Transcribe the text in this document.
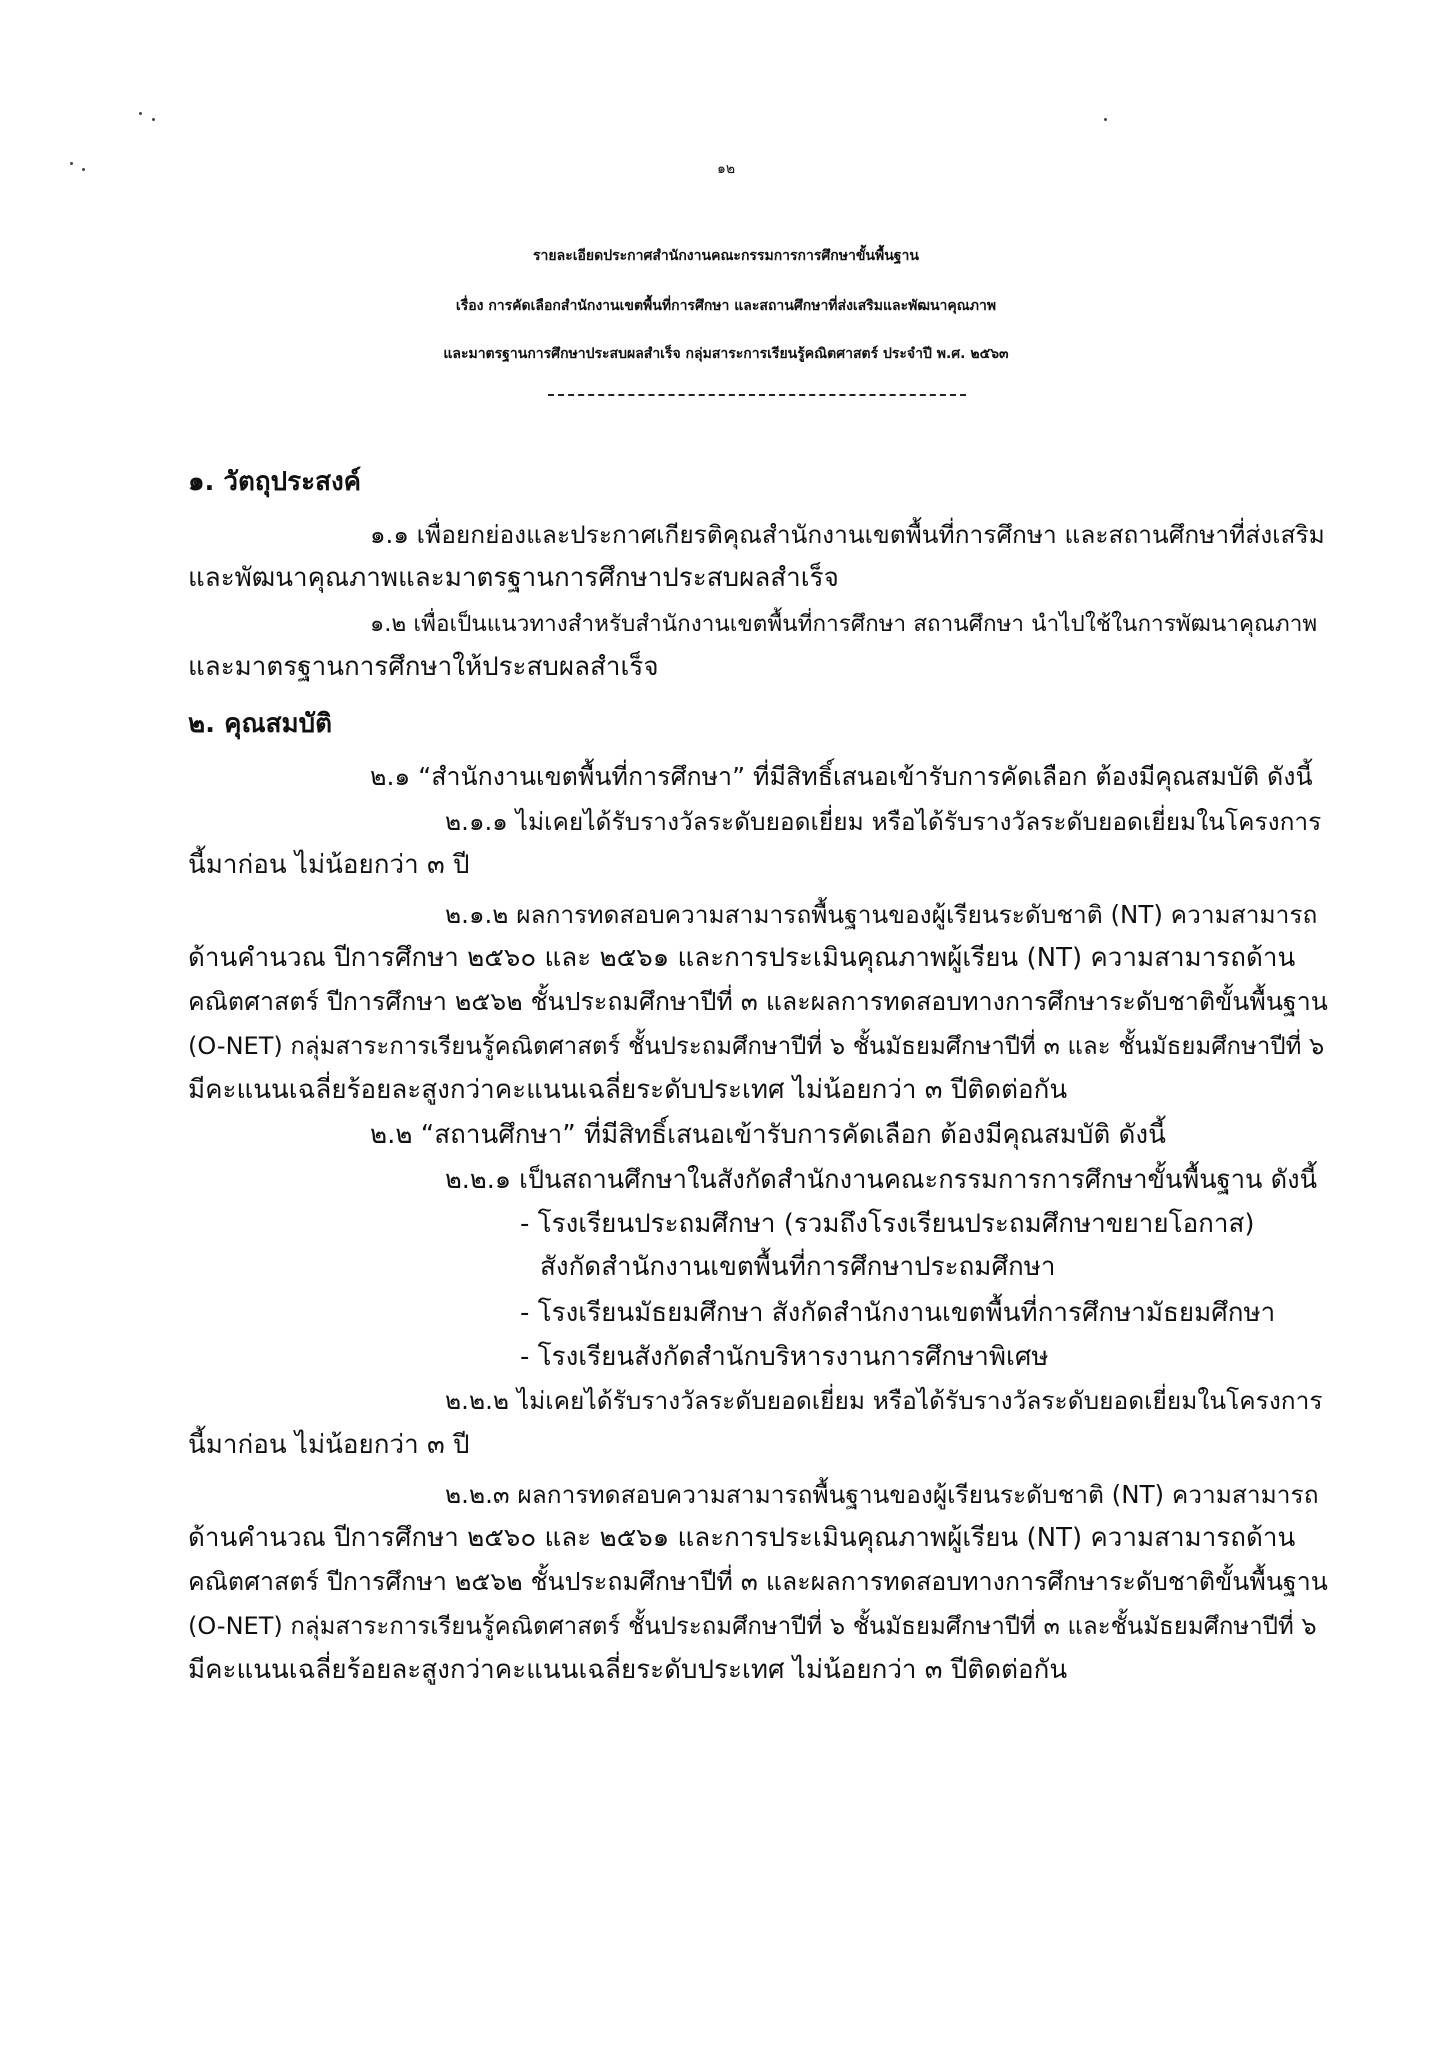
๑๒
รายละเอียดประกาศสำนักงานคณะกรรมการการศึกษาขั้นพื้นฐาน
เรื่อง การคัดเลือกสำนักงานเขตพื้นที่การศึกษา และสถานศึกษาที่ส่งเสริมและพัฒนาคุณภาพ
และมาตรฐานการศึกษาประสบผลสำเร็จ กลุ่มสาระการเรียนรู้คณิตศาสตร์ ประจำปี พ.ศ. ๒๕๖๓
๑. วัตถุประสงค์
๑.๑ เพื่อยกย่องและประกาศเกียรติคุณสำนักงานเขตพื้นที่การศึกษา และสถานศึกษาที่ส่งเสริม
และพัฒนาคุณภาพและมาตรฐานการศึกษาประสบผลสำเร็จ
๑.๒ เพื่อเป็นแนวทางสำหรับสำนักงานเขตพื้นที่การศึกษา สถานศึกษา นำไปใช้ในการพัฒนาคุณภาพ
และมาตรฐานการศึกษาให้ประสบผลสำเร็จ
๒. คุณสมบัติ
๒.๑ “สำนักงานเขตพื้นที่การศึกษา” ที่มีสิทธิ์เสนอเข้ารับการคัดเลือก ต้องมีคุณสมบัติ ดังนี้
๒.๑.๑ ไม่เคยได้รับรางวัลระดับยอดเยี่ยม หรือได้รับรางวัลระดับยอดเยี่ยมในโครงการ
นี้มาก่อน ไม่น้อยกว่า ๓ ปี
๒.๑.๒ ผลการทดสอบความสามารถพื้นฐานของผู้เรียนระดับชาติ (NT) ความสามารถ
ด้านคำนวณ ปีการศึกษา ๒๕๖๐ และ ๒๕๖๑ และการประเมินคุณภาพผู้เรียน (NT) ความสามารถด้าน
คณิตศาสตร์ ปีการศึกษา ๒๕๖๒ ชั้นประถมศึกษาปีที่ ๓ และผลการทดสอบทางการศึกษาระดับชาติขั้นพื้นฐาน
(O-NET) กลุ่มสาระการเรียนรู้คณิตศาสตร์ ชั้นประถมศึกษาปีที่ ๖ ชั้นมัธยมศึกษาปีที่ ๓ และ ชั้นมัธยมศึกษาปีที่ ๖
มีคะแนนเฉลี่ยร้อยละสูงกว่าคะแนนเฉลี่ยระดับประเทศ ไม่น้อยกว่า ๓ ปีติดต่อกัน
๒.๒ “สถานศึกษา” ที่มีสิทธิ์เสนอเข้ารับการคัดเลือก ต้องมีคุณสมบัติ ดังนี้
๒.๒.๑ เป็นสถานศึกษาในสังกัดสำนักงานคณะกรรมการการศึกษาขั้นพื้นฐาน ดังนี้
- โรงเรียนประถมศึกษา (รวมถึงโรงเรียนประถมศึกษาขยายโอกาส)
สังกัดสำนักงานเขตพื้นที่การศึกษาประถมศึกษา
- โรงเรียนมัธยมศึกษา สังกัดสำนักงานเขตพื้นที่การศึกษามัธยมศึกษา
- โรงเรียนสังกัดสำนักบริหารงานการศึกษาพิเศษ
๒.๒.๒ ไม่เคยได้รับรางวัลระดับยอดเยี่ยม หรือได้รับรางวัลระดับยอดเยี่ยมในโครงการ
นี้มาก่อน ไม่น้อยกว่า ๓ ปี
๒.๒.๓ ผลการทดสอบความสามารถพื้นฐานของผู้เรียนระดับชาติ (NT) ความสามารถ
ด้านคำนวณ ปีการศึกษา ๒๕๖๐ และ ๒๕๖๑ และการประเมินคุณภาพผู้เรียน (NT) ความสามารถด้าน
คณิตศาสตร์ ปีการศึกษา ๒๕๖๒ ชั้นประถมศึกษาปีที่ ๓ และผลการทดสอบทางการศึกษาระดับชาติขั้นพื้นฐาน
(O-NET) กลุ่มสาระการเรียนรู้คณิตศาสตร์ ชั้นประถมศึกษาปีที่ ๖ ชั้นมัธยมศึกษาปีที่ ๓ และชั้นมัธยมศึกษาปีที่ ๖
มีคะแนนเฉลี่ยร้อยละสูงกว่าคะแนนเฉลี่ยระดับประเทศ ไม่น้อยกว่า ๓ ปีติดต่อกัน
